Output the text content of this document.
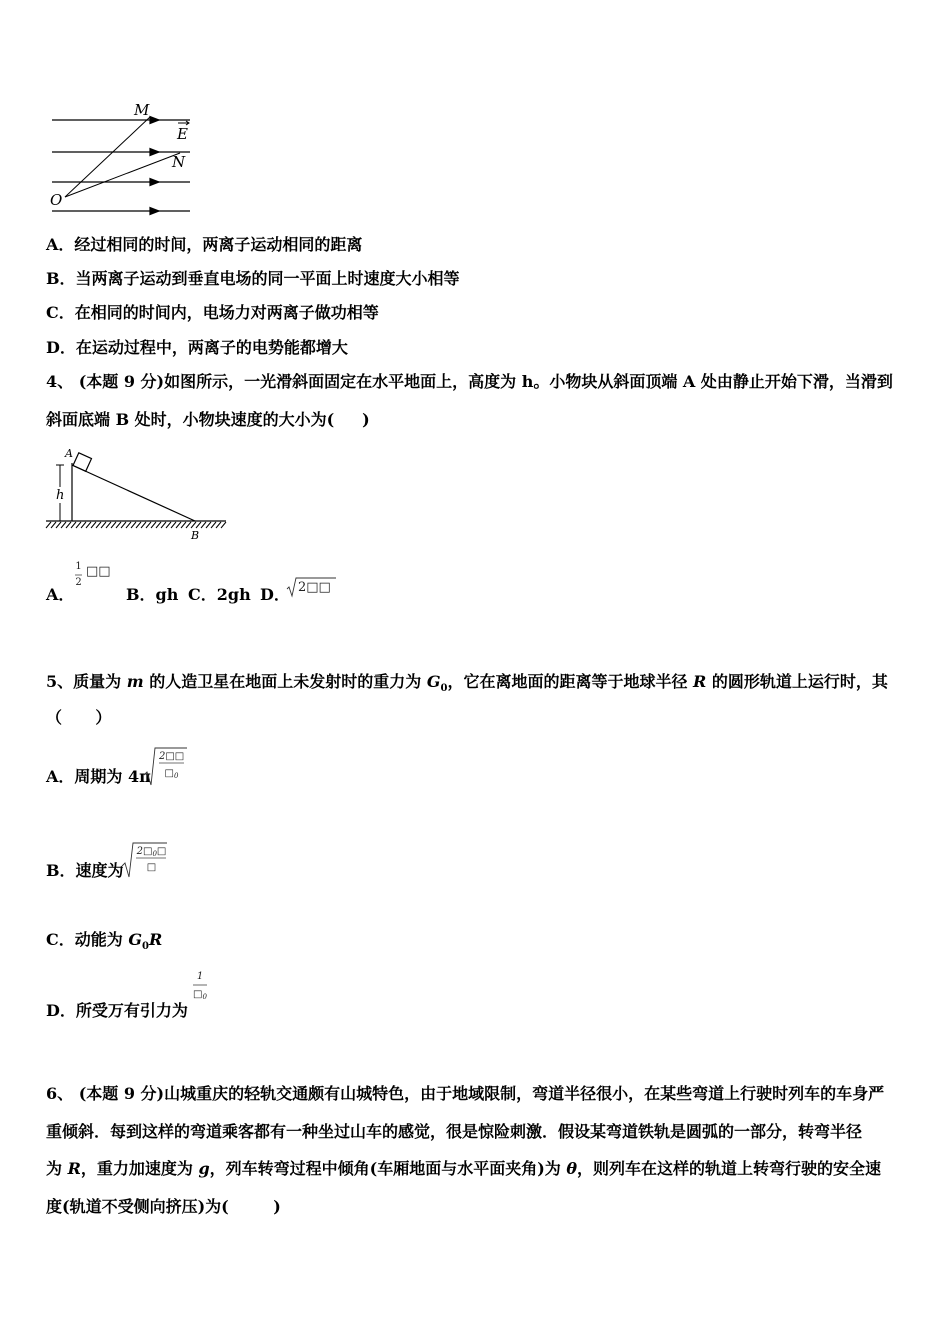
M
E
N
O
A．经过相同的时间，两离子运动相同的距离
B．当两离子运动到垂直电场的同一平面上时速度大小相等
C．在相同的时间内，电场力对两离子做功相等
D．在运动过程中，两离子的电势能都增大
4、 (本题 9 分)如图所示，一光滑斜面固定在水平地面上，高度为 h。小物块从斜面顶端 A 处由静止开始下滑，当滑到
斜面底端 B 处时，小物块速度的大小为(     )
A
h
B
A．
1
2
□□
B．gh C．2gh D． 2□□
5、质量为 m 的人造卫星在地面上未发射时的重力为 $G_0$，它在离地面的距离等于地球半径 R 的圆形轨道上运行时，其
（      ）
A．周期为 4π
2□□
$□_0$
B．速度为
$2□_0□$
□
C．动能为 $G_0R$
D．所受万有引力为
1
$□_0$
6、 (本题 9 分)山城重庆的轻轨交通颇有山城特色，由于地域限制，弯道半径很小，在某些弯道上行驶时列车的车身严
重倾斜．每到这样的弯道乘客都有一种坐过山车的感觉，很是惊险刺激．假设某弯道铁轨是圆弧的一部分，转弯半径
为 R，重力加速度为 g，列车转弯过程中倾角(车厢地面与水平面夹角)为 θ，则列车在这样的轨道上转弯行驶的安全速
度(轨道不受侧向挤压)为(        )
